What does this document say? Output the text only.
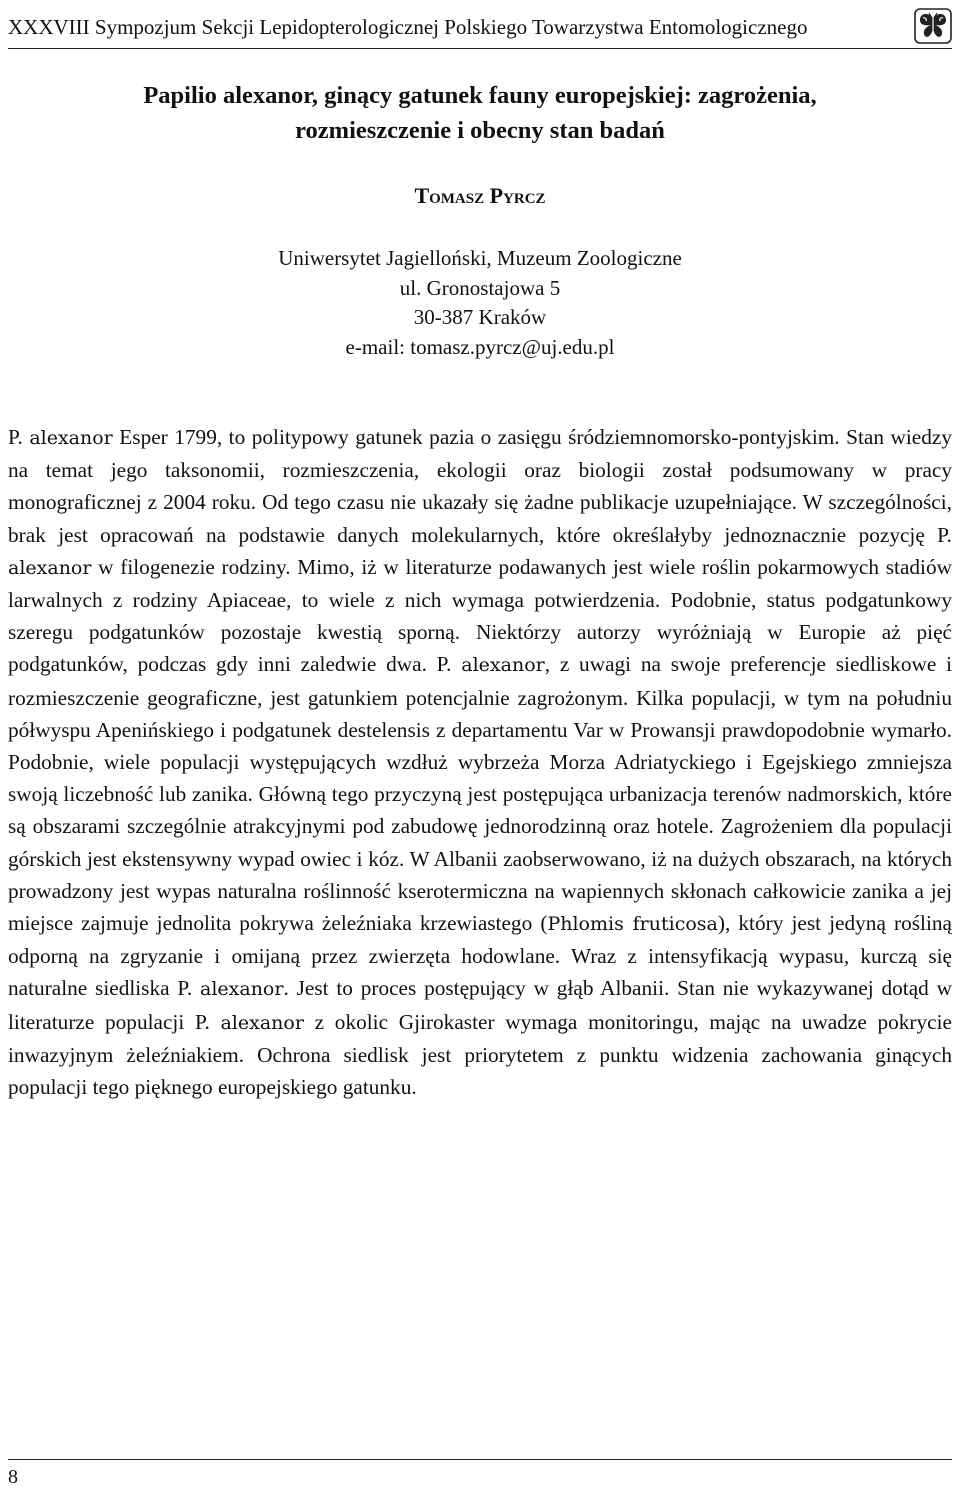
XXXVIII Sympozjum Sekcji Lepidopterologicznej Polskiego Towarzystwa Entomologicznego
Papilio alexanor, ginący gatunek fauny europejskiej: zagrożenia,
rozmieszczenie i obecny stan badań
Tomasz Pyrcz
Uniwersytet Jagielloński, Muzeum Zoologiczne
ul. Gronostajowa 5
30-387 Kraków
e-mail: tomasz.pyrcz@uj.edu.pl

P. alexanor Esper 1799, to politypowy gatunek pazia o zasięgu śródziemnomorsko-pontyjskim. Stan wiedzy na temat jego taksonomii, rozmieszczenia, ekologii oraz biologii został podsumowany w pracy monograficznej z 2004 roku. Od tego czasu nie ukazały się żadne publikacje uzupełniające. W szczególności, brak jest opracowań na podstawie danych molekularnych, które określałyby jednoznacznie pozycję P. alexanor w filogenezie rodziny. Mimo, iż w literaturze podawanych jest wiele roślin pokarmowych stadiów larwalnych z rodziny Apiaceae, to wiele z nich wymaga potwierdzenia. Podobnie, status podgatunkowy szeregu podgatunków pozostaje kwestią sporną. Niektórzy autorzy wyróżniają w Europie aż pięć podgatunków, podczas gdy inni zaledwie dwa. P. alexanor, z uwagi na swoje preferencje siedliskowe i rozmieszczenie geograficzne, jest gatunkiem potencjalnie zagrożonym. Kilka populacji, w tym na południu półwyspu Apenińskiego i podgatunek destelensis z departamentu Var w Prowansji prawdopodobnie wymarło. Podobnie, wiele populacji występujących wzdłuż wybrzeża Morza Adriatyckiego i Egejskiego zmniejsza swoją liczebność lub zanika. Główną tego przyczyną jest postępująca urbanizacja terenów nadmorskich, które są obszarami szczególnie atrakcyjnymi pod zabudowę jednorodzinną oraz hotele. Zagrożeniem dla populacji górskich jest ekstensywny wypad owiec i kóz. W Albanii zaobserwowano, iż na dużych obszarach, na których prowadzony jest wypas naturalna roślinność kserotermiczna na wapiennych skłonach całkowicie zanika a jej miejsce zajmuje jednolita pokrywa żeleźniaka krzewiastego (Phlomis fruticosa), który jest jedyną rośliną odporną na zgryzanie i omijaną przez zwierzęta hodowlane. Wraz z intensyfikacją wypasu, kurczą się naturalne siedliska P. alexanor. Jest to proces postępujący w głąb Albanii. Stan nie wykazywanej dotąd w literaturze populacji P. alexanor z okolic Gjirokaster wymaga monitoringu, mając na uwadze pokrycie inwazyjnym żeleźniakiem. Ochrona siedlisk jest priorytetem z punktu widzenia zachowania ginących populacji tego pięknego europejskiego gatunku.

8
